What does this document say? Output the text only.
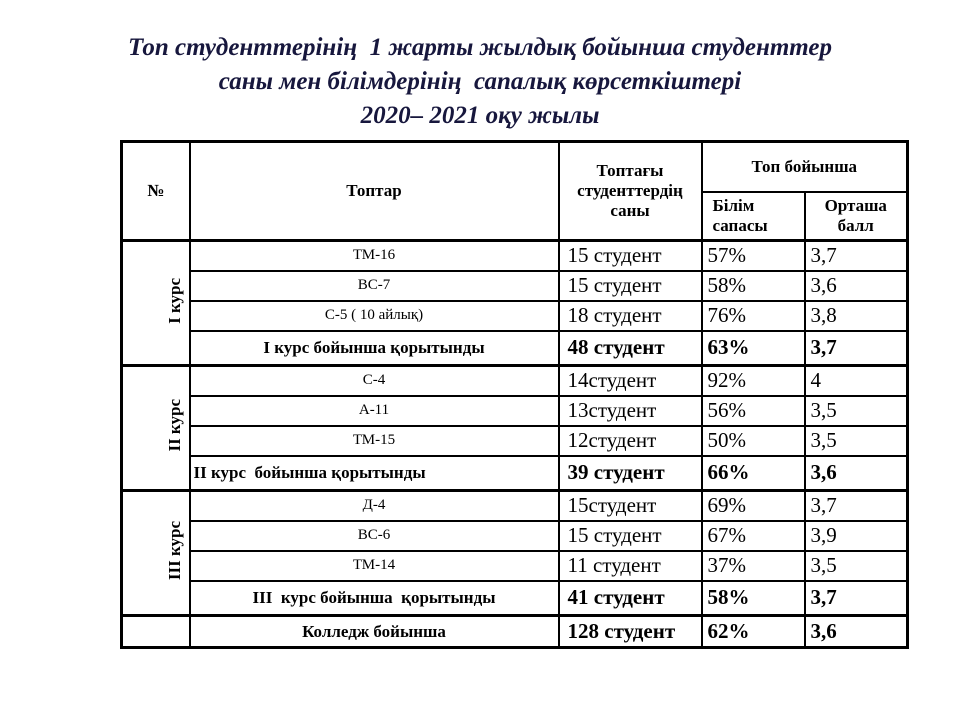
Топ студенттерінің  1 жарты жылдық бойынша студенттер
саны мен білімдерінің  сапалық көрсеткіштері
2020– 2021 оқу жылы
№	Топтар	Топтағы студенттердің саны	Топ бойынша	
			Білім сапасы	Орташа балл

I курс	ТМ-16	15 студент	57%	3,7
	ВС-7	15 студент	58%	3,6
	С-5 ( 10 айлық)	18 студент	76%	3,8
	I курс бойынша қорытынды	48 студент	63%	3,7

II курс	С-4	14студент	92%	4
	А-11	13студент	56%	3,5
	ТМ-15	12студент	50%	3,5
	II курс  бойынша қорытынды	39 студент	66%	3,6

III курс	Д-4	15студент	69%	3,7
	ВС-6	15 студент	67%	3,9
	ТМ-14	11 студент	37%	3,5
	III  курс бойынша  қорытынды	41 студент	58%	3,7
	Колледж бойынша	128 студент	62%	3,6
